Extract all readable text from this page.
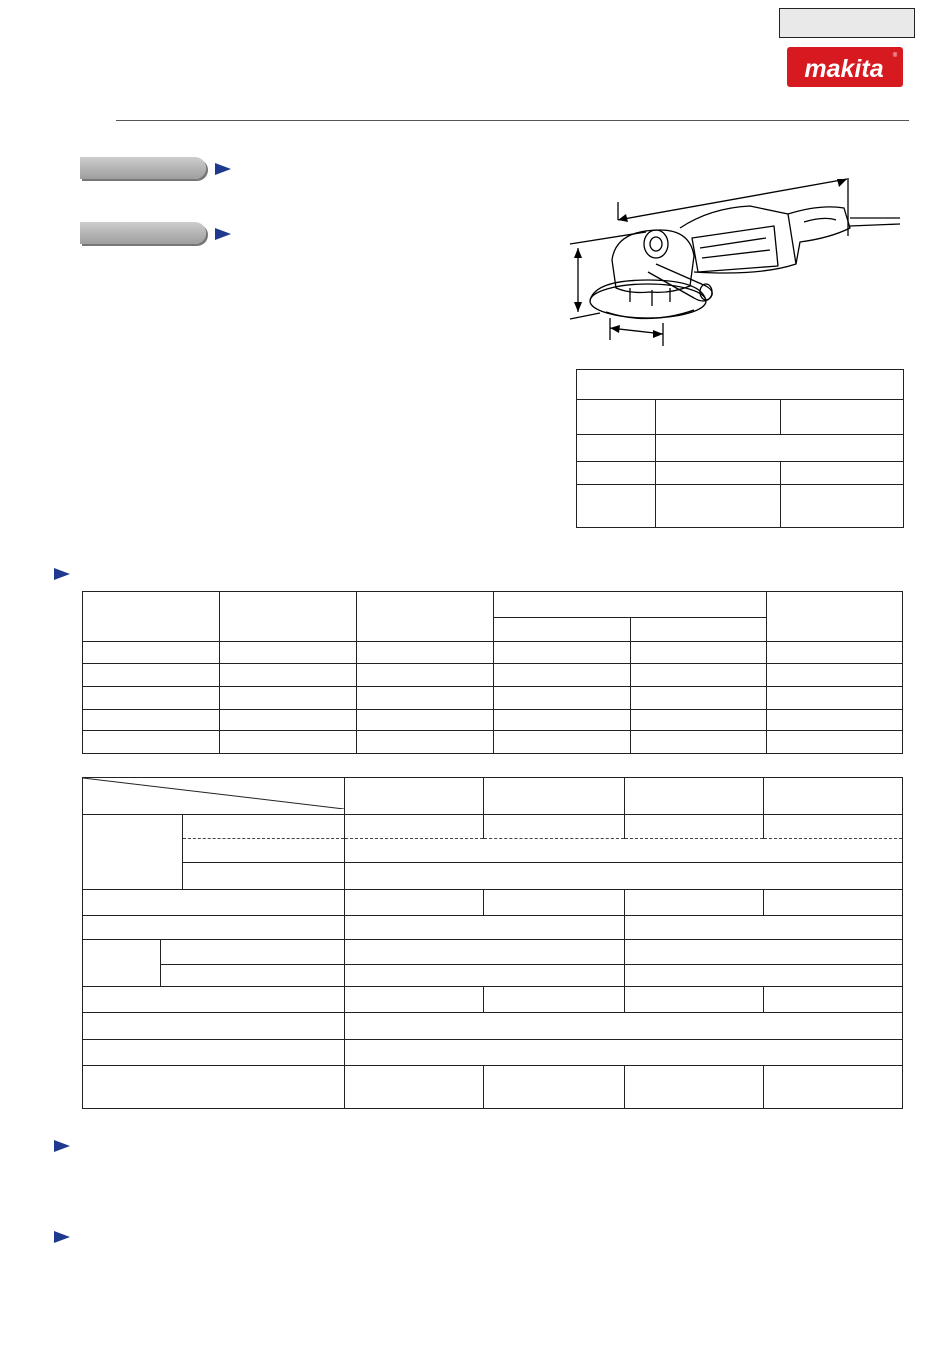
makita ®
